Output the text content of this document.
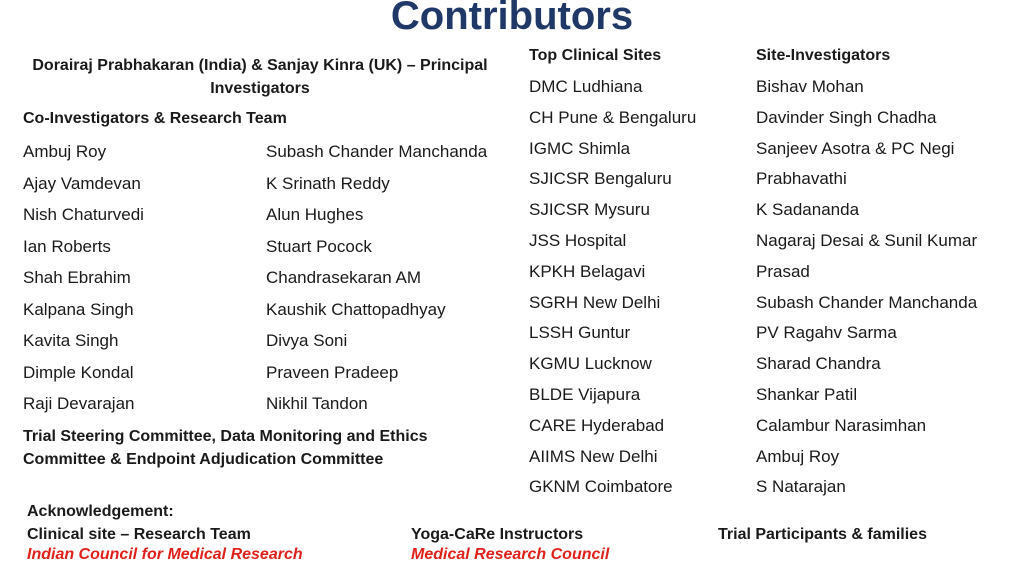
Contributors
Dorairaj Prabhakaran (India) & Sanjay Kinra (UK) – Principal Investigators
Co-Investigators & Research Team
Ambuj Roy
Ajay Vamdevan
Nish Chaturvedi
Ian Roberts
Shah Ebrahim
Kalpana Singh
Kavita Singh
Dimple Kondal
Raji Devarajan
Subash Chander Manchanda
K Srinath Reddy
Alun Hughes
Stuart Pocock
Chandrasekaran AM
Kaushik Chattopadhyay
Divya Soni
Praveen Pradeep
Nikhil Tandon
Trial Steering Committee, Data Monitoring and Ethics Committee & Endpoint Adjudication Committee
Top Clinical Sites
DMC Ludhiana
CH Pune & Bengaluru
IGMC Shimla
SJICSR Bengaluru
SJICSR Mysuru
JSS Hospital
KPKH Belagavi
SGRH New Delhi
LSSH Guntur
KGMU Lucknow
BLDE Vijapura
CARE Hyderabad
AIIMS New Delhi
GKNM Coimbatore
Site-Investigators
Bishav Mohan
Davinder Singh Chadha
Sanjeev Asotra & PC Negi
Prabhavathi
K Sadananda
Nagaraj Desai & Sunil Kumar
Prasad
Subash Chander Manchanda
PV Ragahv Sarma
Sharad Chandra
Shankar Patil
Calambur Narasimhan
Ambuj Roy
S Natarajan
Acknowledgement:
Clinical site – Research Team
Indian Council for Medical Research
Yoga-CaRe Instructors
Medical Research Council
Trial Participants & families
